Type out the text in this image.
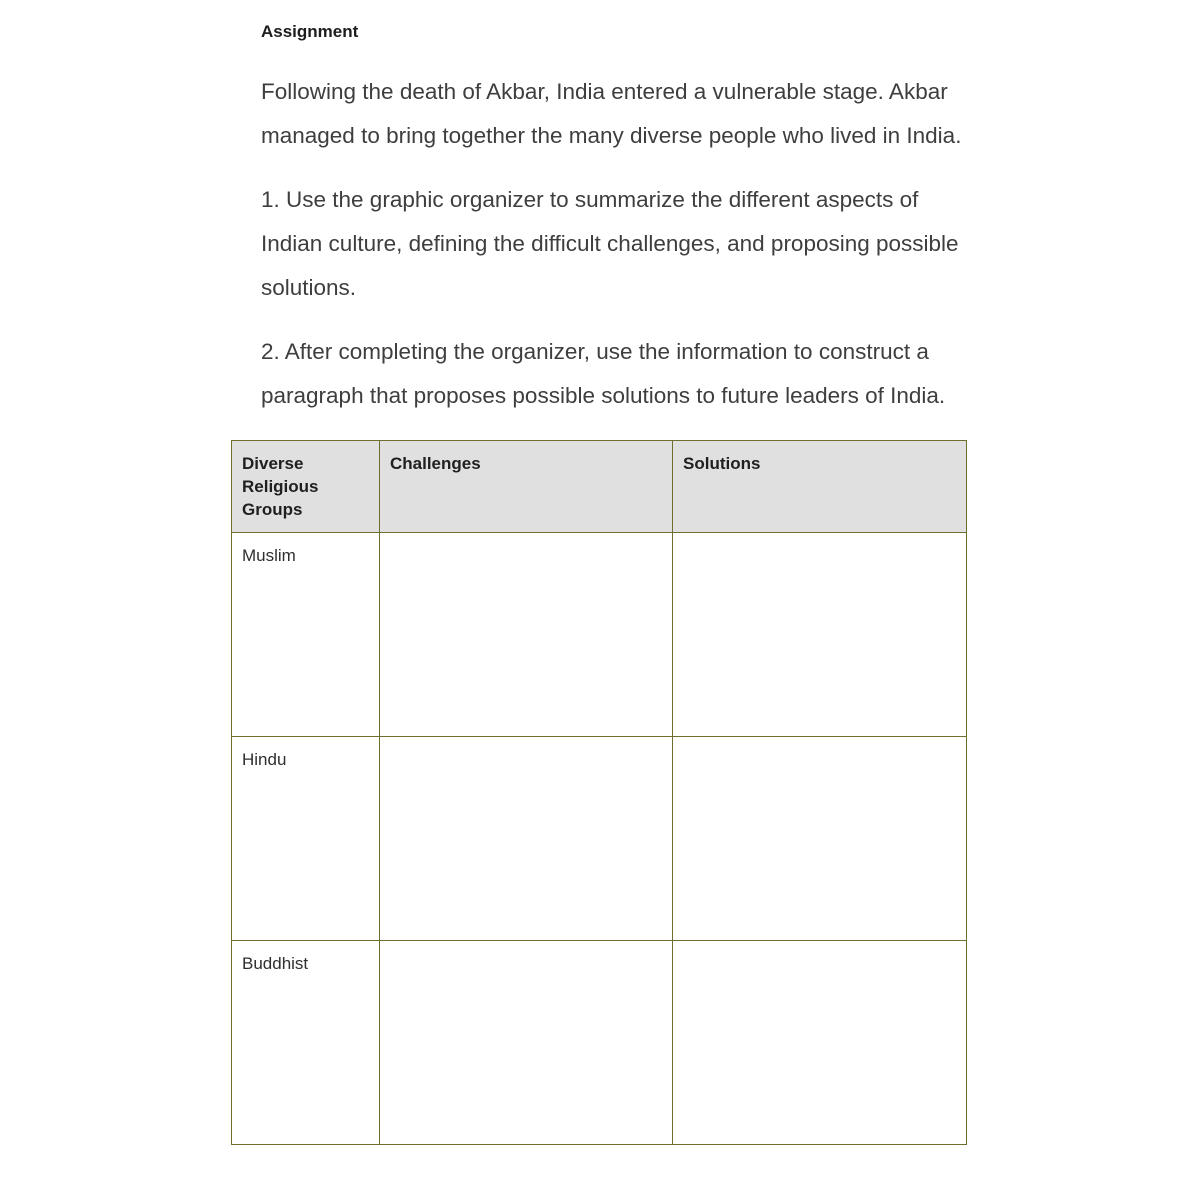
Assignment

Following the death of Akbar, India entered a vulnerable stage. Akbar managed to bring together the many diverse people who lived in India.

1. Use the graphic organizer to summarize the different aspects of Indian culture, defining the difficult challenges, and proposing possible solutions.

2. After completing the organizer, use the information to construct a paragraph that proposes possible solutions to future leaders of India.

Diverse Religious Groups	Challenges	Solutions
Muslim		
Hindu		
Buddhist		
